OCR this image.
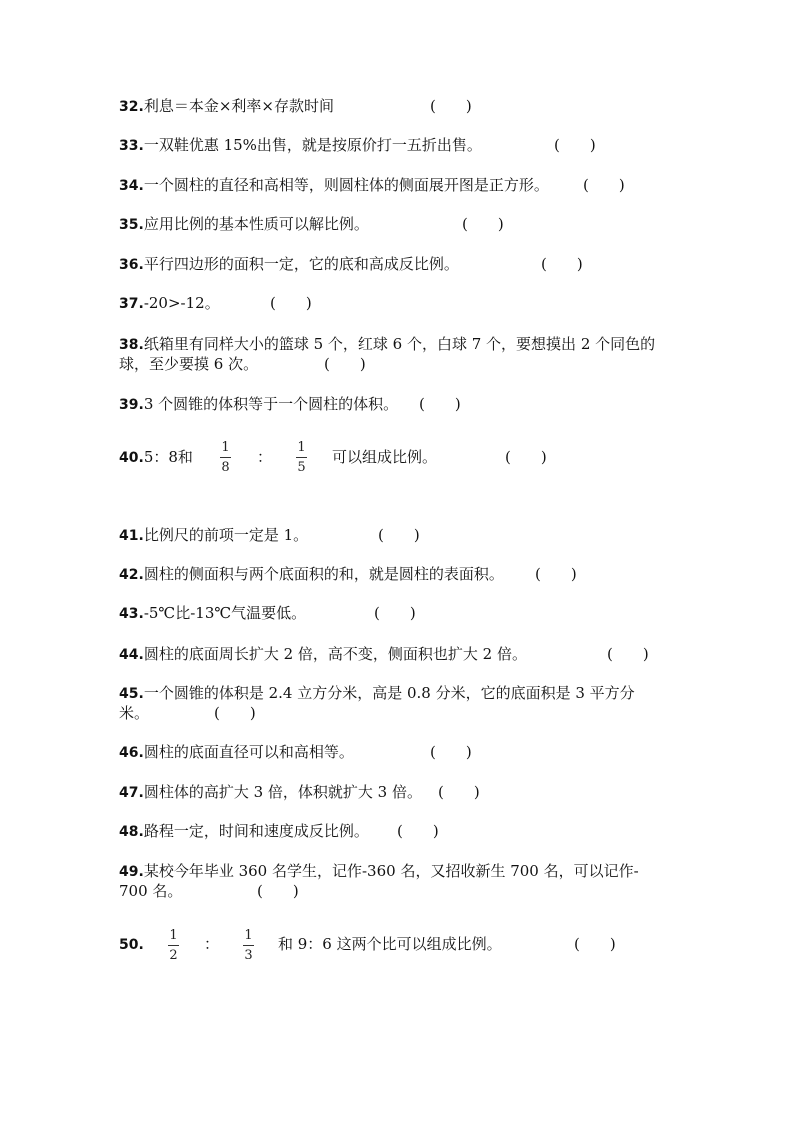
32.利息＝本金×利率×存款时间	(　　)
33.一双鞋优惠 15%出售，就是按原价打一五折出售。	(　　)
34.一个圆柱的直径和高相等，则圆柱体的侧面展开图是正方形。 (　　)
35.应用比例的基本性质可以解比例。	(　　)
36.平行四边形的面积一定，它的底和高成反比例。	(　　)
37.-20>-12。	(　　)
38.纸箱里有同样大小的篮球 5 个，红球 6 个，白球 7 个，要想摸出 2 个同色的
球，至少要摸 6 次。	(　　)
39.3 个圆锥的体积等于一个圆柱的体积。 (　　)
40.5：8和
1
8
：
1
5
可以组成比例。	(　　)
41.比例尺的前项一定是 1。	(　　)
42.圆柱的侧面积与两个底面积的和，就是圆柱的表面积。 (　　)
43.-5℃比-13℃气温要低。	(　　)
44.圆柱的底面周长扩大 2 倍，高不变，侧面积也扩大 2 倍。	(　　)
45.一个圆锥的体积是 2.4 立方分米，高是 0.8 分米，它的底面积是 3 平方分
米。	(　　)
46.圆柱的底面直径可以和高相等。	(　　)
47.圆柱体的高扩大 3 倍，体积就扩大 3 倍。 (　　)
48.路程一定，时间和速度成反比例。 (　　)
49.某校今年毕业 360 名学生，记作-360 名，又招收新生 700 名，可以记作-
700 名。	(　　)
50.
1
2
： 1
3
和 9：6 这两个比可以组成比例。	(　　)
